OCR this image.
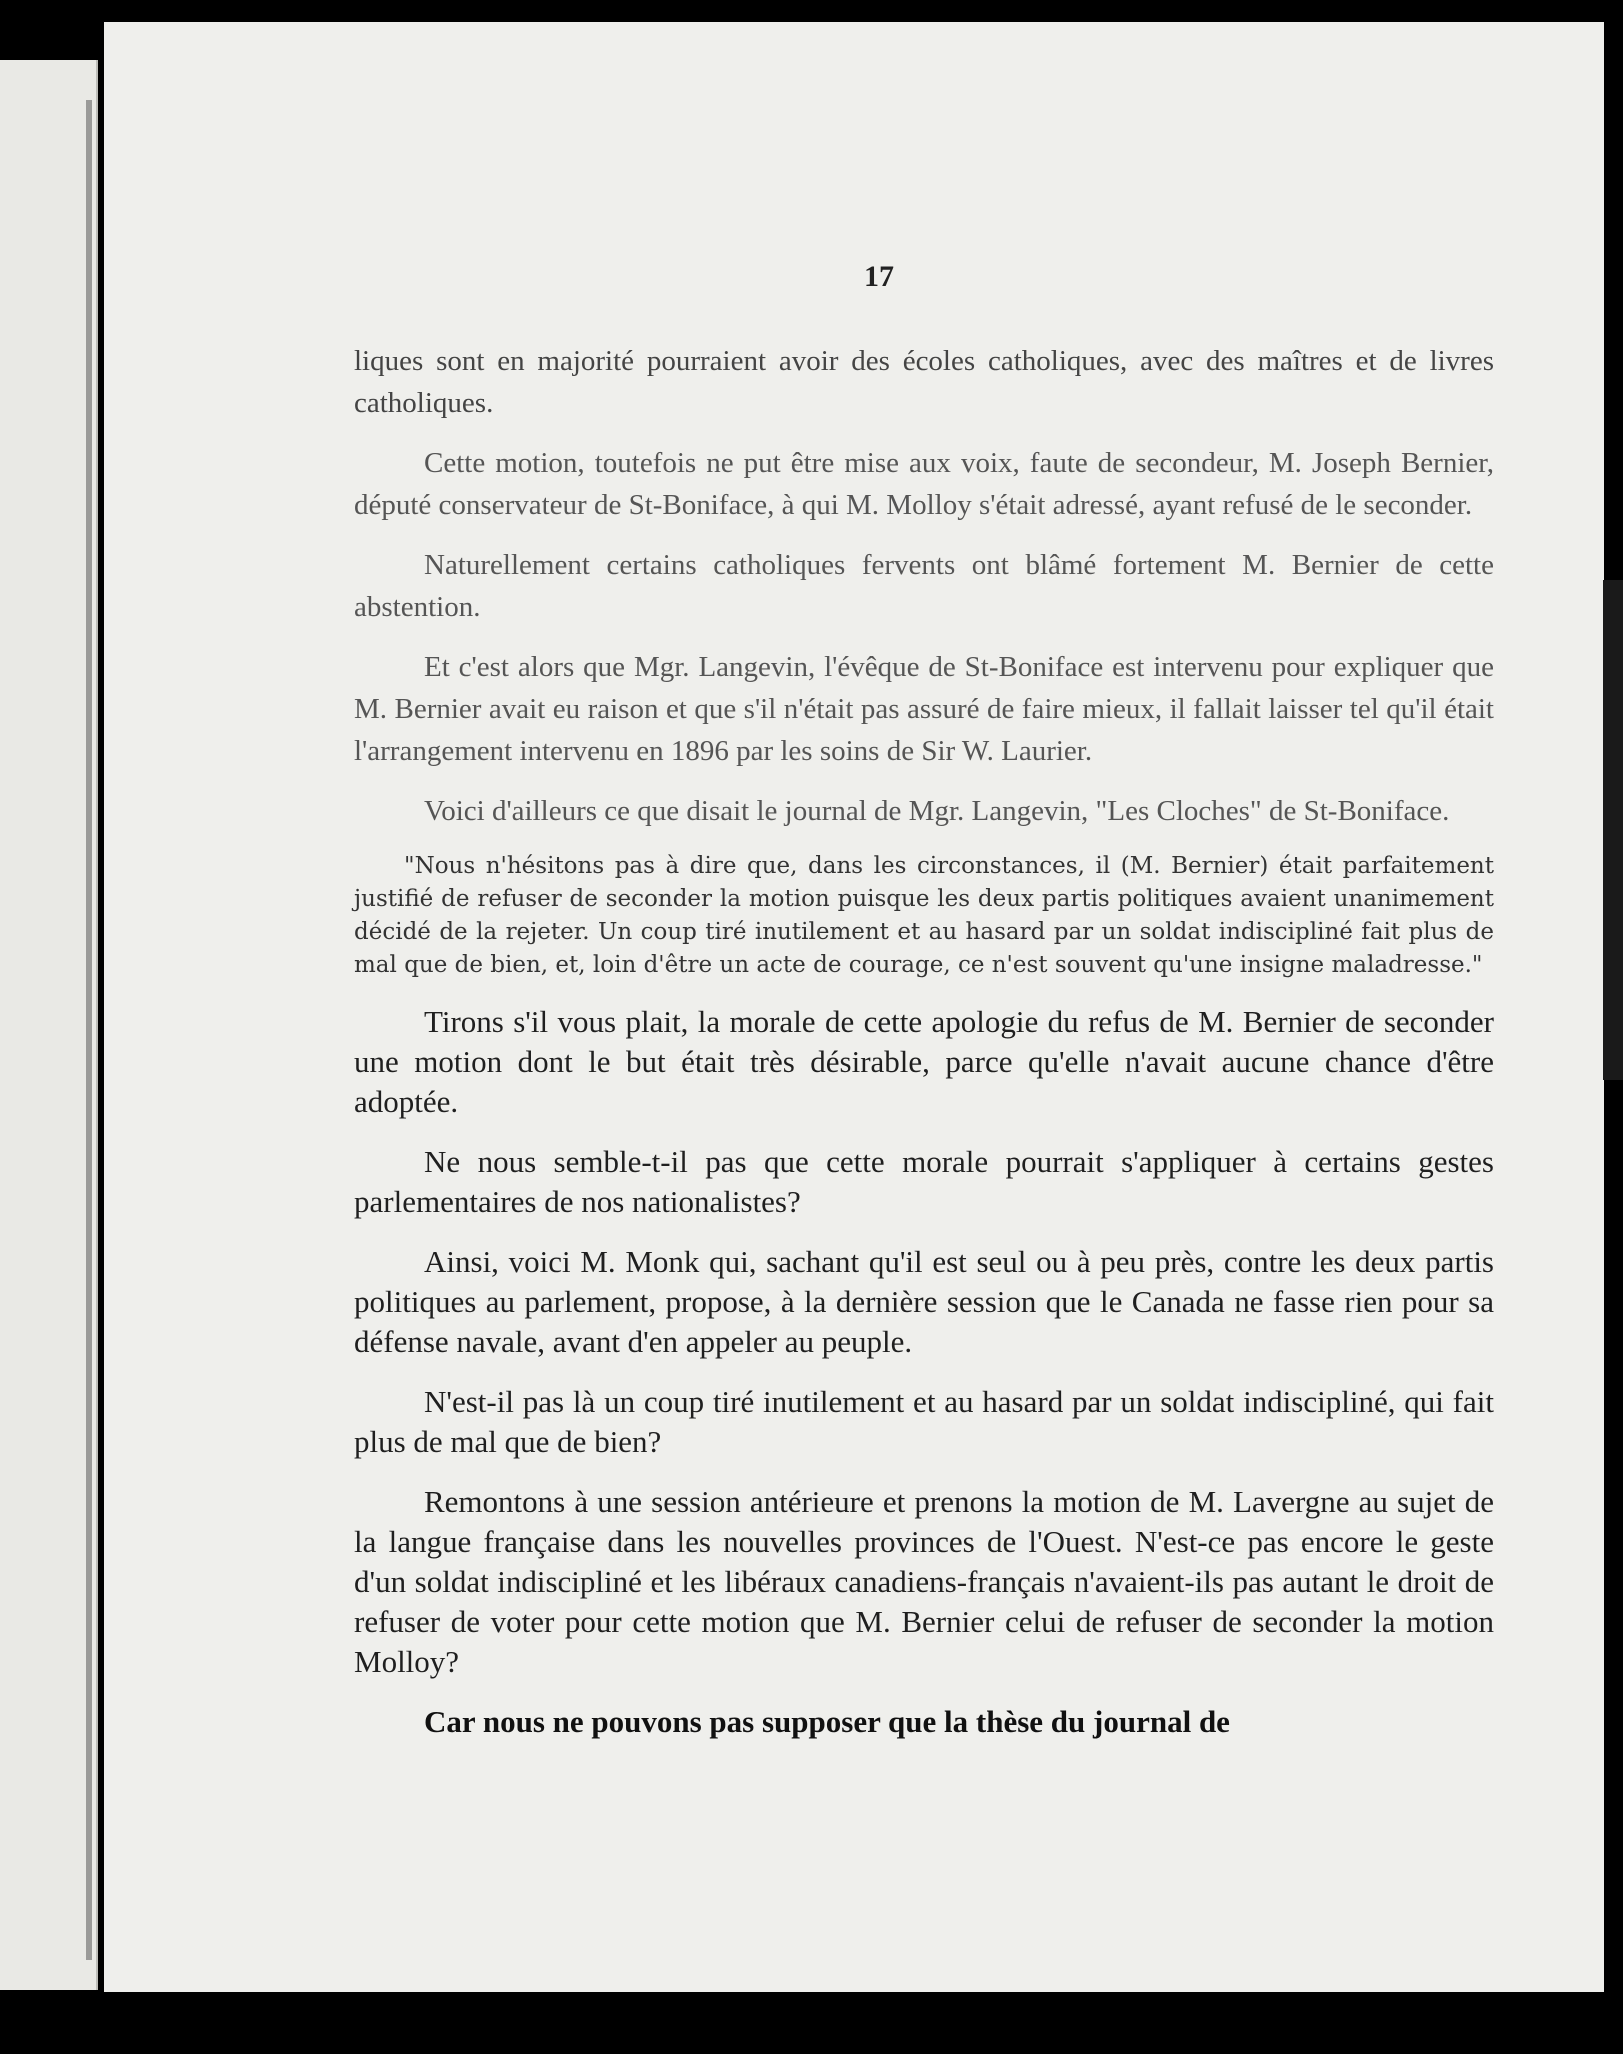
17

liques sont en majorité pourraient avoir des écoles catholiques, avec des maîtres et de livres catholiques.

Cette motion, toutefois ne put être mise aux voix, faute de secondeur, M. Joseph Bernier, député conservateur de St-Boniface, à qui M. Molloy s'était adressé, ayant refusé de le seconder.

Naturellement certains catholiques fervents ont blâmé fortement M. Bernier de cette abstention.

Et c'est alors que Mgr. Langevin, l'évêque de St-Boniface est intervenu pour expliquer que M. Bernier avait eu raison et que s'il n'était pas assuré de faire mieux, il fallait laisser tel qu'il était l'arrangement intervenu en 1896 par les soins de Sir W. Laurier.

Voici d'ailleurs ce que disait le journal de Mgr. Langevin, "Les Cloches" de St-Boniface.

"Nous n'hésitons pas à dire que, dans les circonstances, il (M. Bernier) était parfaitement justifié de refuser de seconder la motion puisque les deux partis politiques avaient unanimement décidé de la rejeter. Un coup tiré inutilement et au hasard par un soldat indiscipliné fait plus de mal que de bien, et, loin d'être un acte de courage, ce n'est souvent qu'une insigne maladresse."

Tirons s'il vous plait, la morale de cette apologie du refus de M. Bernier de seconder une motion dont le but était très désirable, parce qu'elle n'avait aucune chance d'être adoptée.

Ne nous semble-t-il pas que cette morale pourrait s'appliquer à certains gestes parlementaires de nos nationalistes?

Ainsi, voici M. Monk qui, sachant qu'il est seul ou à peu près, contre les deux partis politiques au parlement, propose, à la dernière session que le Canada ne fasse rien pour sa défense navale, avant d'en appeler au peuple.

N'est-il pas là un coup tiré inutilement et au hasard par un soldat indiscipliné, qui fait plus de mal que de bien?

Remontons à une session antérieure et prenons la motion de M. Lavergne au sujet de la langue française dans les nouvelles provinces de l'Ouest. N'est-ce pas encore le geste d'un soldat indiscipliné et les libéraux canadiens-français n'avaient-ils pas autant le droit de refuser de voter pour cette motion que M. Bernier celui de refuser de seconder la motion Molloy?

Car nous ne pouvons pas supposer que la thèse du journal de
